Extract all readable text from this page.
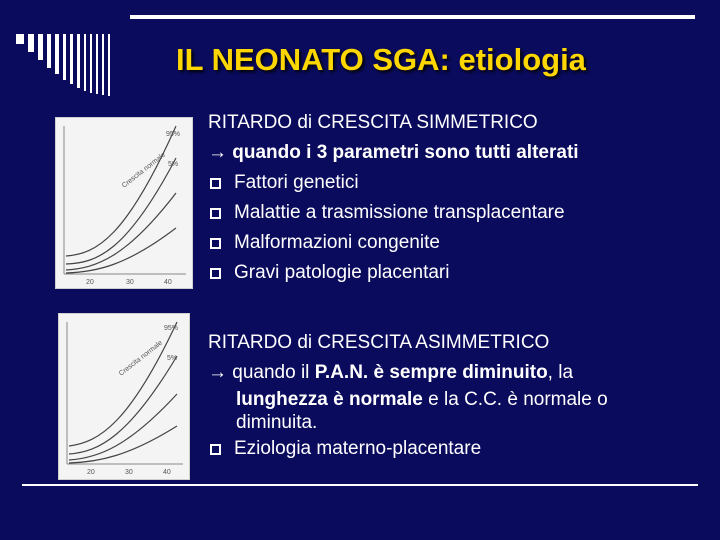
IL NEONATO SGA: etiologia
95%
5%
Crescita normale
20	30	40
95%
5%
Crescita normale
20	30	40
RITARDO di CRESCITA SIMMETRICO
→ quando i 3 parametri sono tutti alterati
Fattori genetici
Malattie a trasmissione transplacentare
Malformazioni congenite
Gravi patologie placentari
RITARDO di CRESCITA ASIMMETRICO
→ quando il P.A.N. è sempre diminuito, la
lunghezza è normale e la C.C. è normale o
diminuita.
Eziologia materno-placentare
